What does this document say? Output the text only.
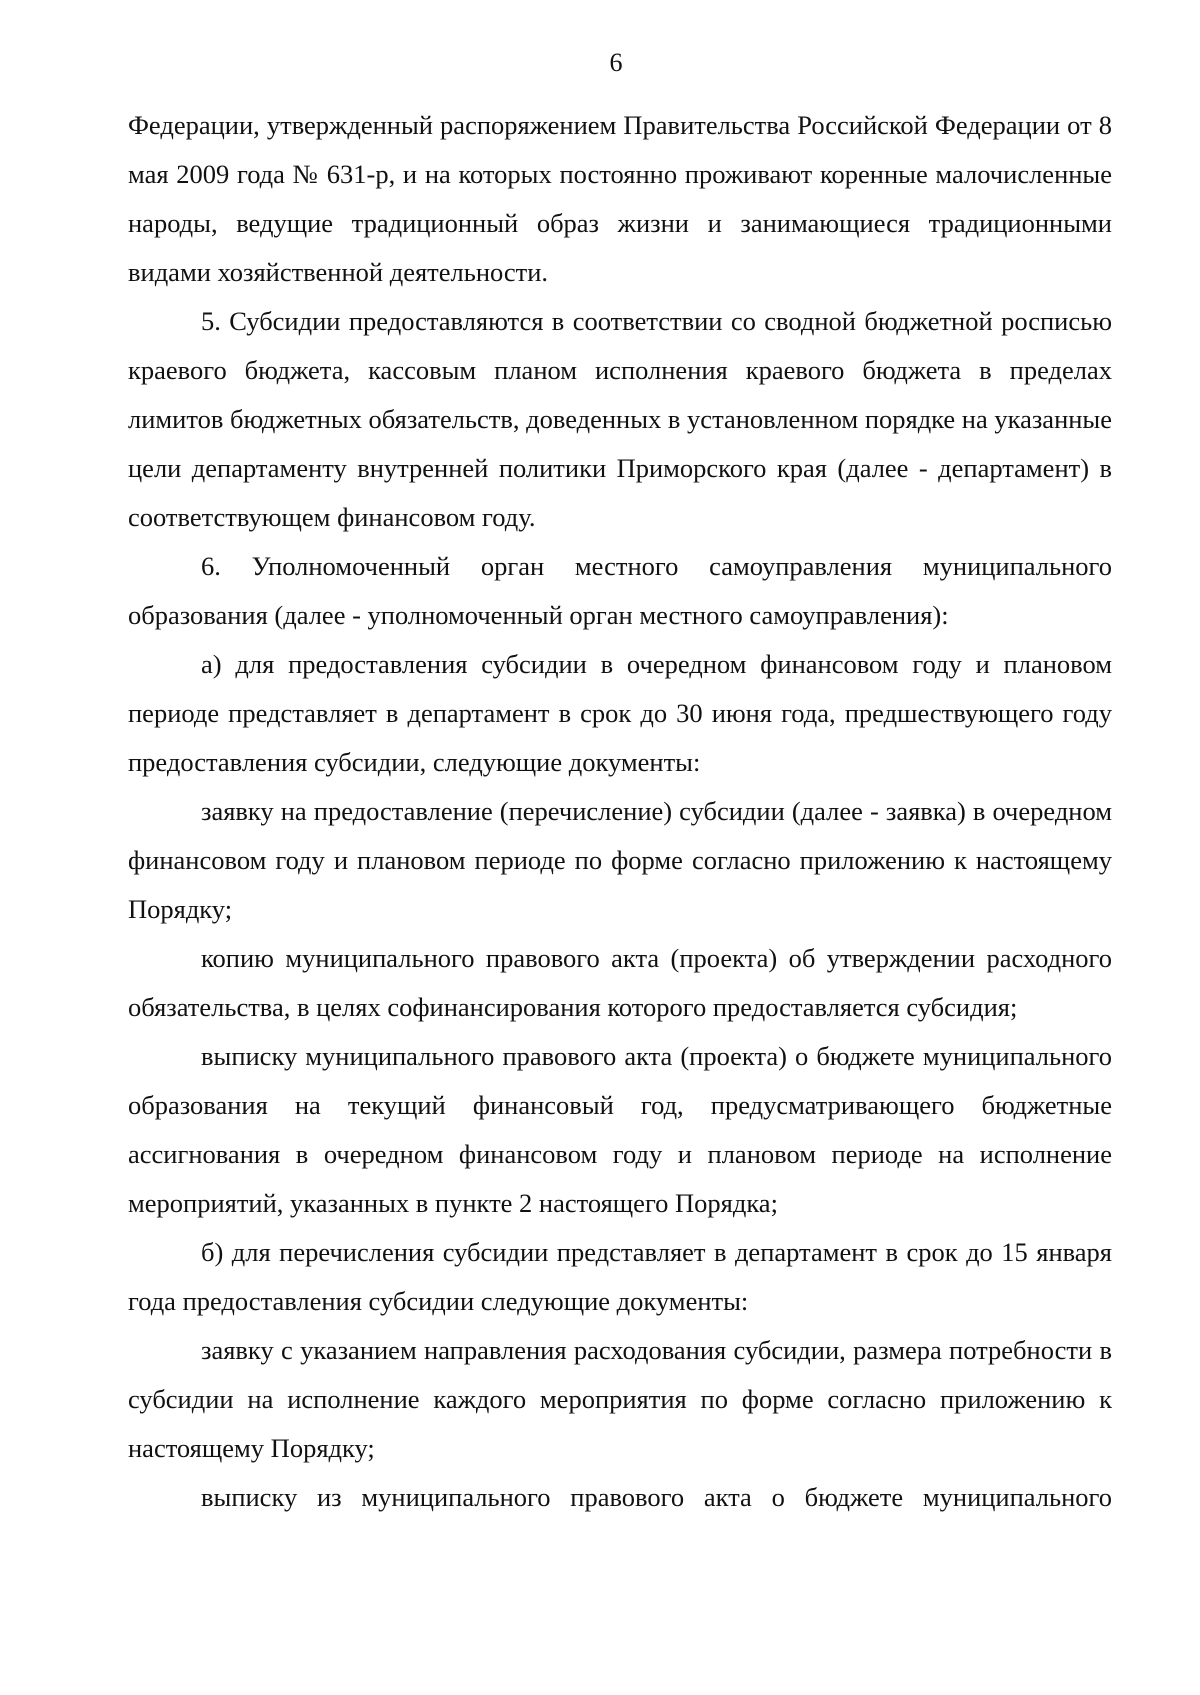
6

Федерации, утвержденный распоряжением Правительства Российской Федерации от 8 мая 2009 года № 631-р, и на которых постоянно проживают коренные малочисленные народы, ведущие традиционный образ жизни и занимающиеся традиционными видами хозяйственной деятельности.

5. Субсидии предоставляются в соответствии со сводной бюджетной росписью краевого бюджета, кассовым планом исполнения краевого бюджета в пределах лимитов бюджетных обязательств, доведенных в установленном порядке на указанные цели департаменту внутренней политики Приморского края (далее - департамент) в соответствующем финансовом году.

6. Уполномоченный орган местного самоуправления муниципального образования (далее - уполномоченный орган местного самоуправления):

а) для предоставления субсидии в очередном финансовом году и плановом периоде представляет в департамент в срок до 30 июня года, предшествующего году предоставления субсидии, следующие документы:

заявку на предоставление (перечисление) субсидии (далее - заявка) в очередном финансовом году и плановом периоде по форме согласно приложению к настоящему Порядку;

копию муниципального правового акта (проекта) об утверждении расходного обязательства, в целях софинансирования которого предоставляется субсидия;

выписку муниципального правового акта (проекта) о бюджете муниципального образования на текущий финансовый год, предусматривающего бюджетные ассигнования в очередном финансовом году и плановом периоде на исполнение мероприятий, указанных в пункте 2 настоящего Порядка;

б) для перечисления субсидии представляет в департамент в срок до 15 января года предоставления субсидии следующие документы:

заявку с указанием направления расходования субсидии, размера потребности в субсидии на исполнение каждого мероприятия по форме согласно приложению к настоящему Порядку;

выписку из муниципального правового акта о бюджете муниципального
